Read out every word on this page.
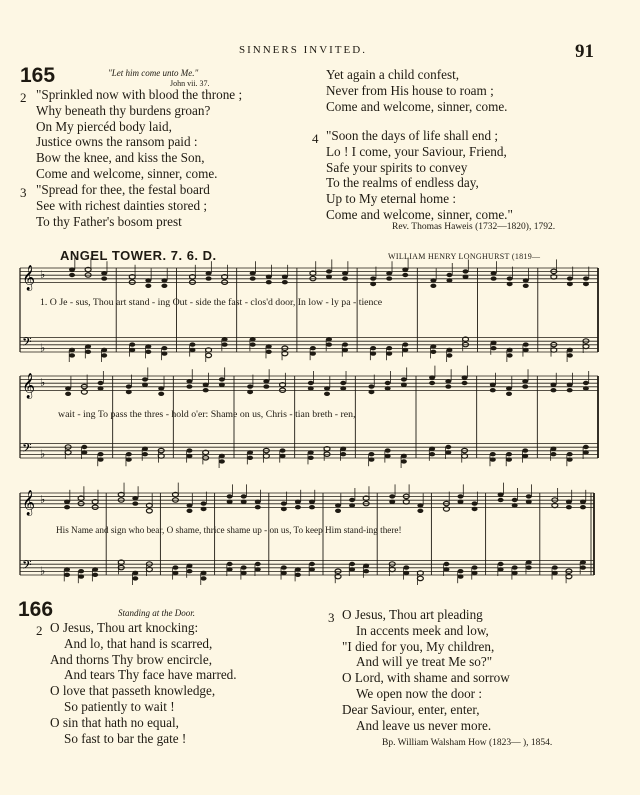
SINNERS INVITED.	91
165	"Let him come unto Me."
John vii. 37.
2 "Sprinkled now with blood the throne ;
Why beneath thy burdens groan?
On My piercéd body laid,
Justice owns the ransom paid :
Bow the knee, and kiss the Son,
Come and welcome, sinner, come.
3 "Spread for thee, the festal board
See with richest dainties stored ;
To thy Father's bosom prest
Yet again a child confest,
Never from His house to roam ;
Come and welcome, sinner, come.
4 "Soon the days of life shall end ;
Lo ! I come, your Saviour, Friend,
Safe your spirits to convey
To the realms of endless day,
Up to My eternal home :
Come and welcome, sinner, come."
Rev. Thomas Haweis (1732—1820), 1792.
ANGEL TOWER. 7. 6. D.	WILLIAM HENRY LONGHURST (1819—
𝄞 ♭
𝄢 ♭
1. O Je - sus, Thou art stand - ing Out - side the fast - clos'd door, In low - ly pa - tience
𝄞 ♭
𝄢 ♭
wait - ing To pass the thres - hold o'er: Shame on us, Chris - tian breth - ren,
𝄞 ♭
𝄢 ♭
His Name and sign who bear, O shame, thrice shame up - on us, To keep Him stand-ing there!
166	Standing at the Door.
2 O Jesus, Thou art knocking:
And lo, that hand is scarred,
And thorns Thy brow encircle,
And tears Thy face have marred.
O love that passeth knowledge,
So patiently to wait !
O sin that hath no equal,
So fast to bar the gate !
3 O Jesus, Thou art pleading
In accents meek and low,
"I died for you, My children,
And will ye treat Me so?"
O Lord, with shame and sorrow
We open now the door :
Dear Saviour, enter, enter,
And leave us never more.
Bp. William Walsham How (1823— ), 1854.
